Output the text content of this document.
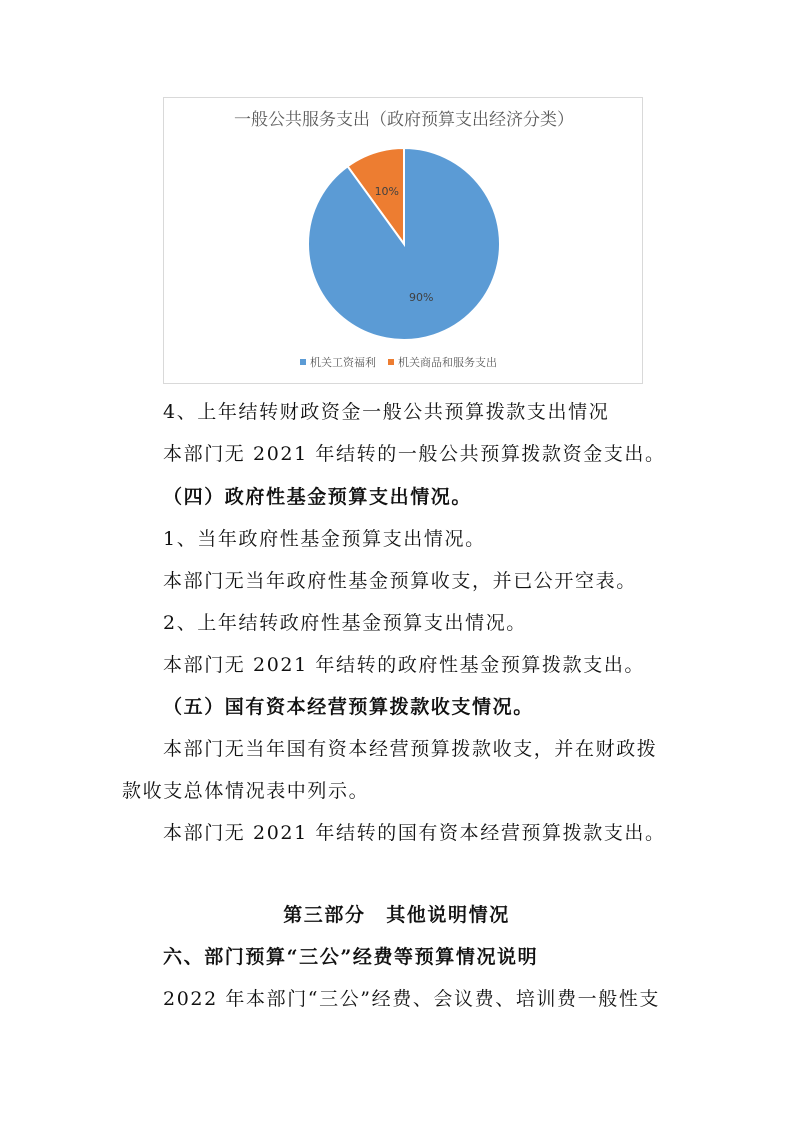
一般公共服务支出（政府预算支出经济分类）
10%
90%
机关工资福利 机关商品和服务支出
4、上年结转财政资金一般公共预算拨款支出情况
本部门无 2021 年结转的一般公共预算拨款资金支出。
（四）政府性基金预算支出情况。
1、当年政府性基金预算支出情况。
本部门无当年政府性基金预算收支，并已公开空表。
2、上年结转政府性基金预算支出情况。
本部门无 2021 年结转的政府性基金预算拨款支出。
（五）国有资本经营预算拨款收支情况。
本部门无当年国有资本经营预算拨款收支，并在财政拨
款收支总体情况表中列示。
本部门无 2021 年结转的国有资本经营预算拨款支出。
第三部分　其他说明情况
六、部门预算“三公”经费等预算情况说明
2022 年本部门“三公”经费、会议费、培训费一般性支
